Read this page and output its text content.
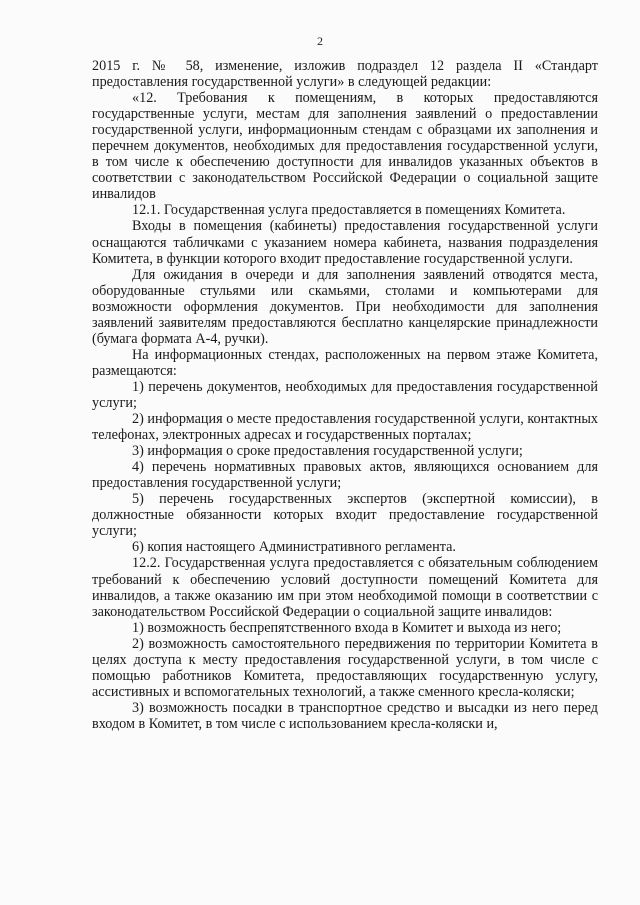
2

2015 г. № 58, изменение, изложив подраздел 12 раздела II «Стандарт предоставления государственной услуги» в следующей редакции:

«12. Требования к помещениям, в которых предоставляются государственные услуги, местам для заполнения заявлений о предоставлении государственной услуги, информационным стендам с образцами их заполнения и перечнем документов, необходимых для предоставления государственной услуги, в том числе к обеспечению доступности для инвалидов указанных объектов в соответствии с законодательством Российской Федерации о социальной защите инвалидов

12.1. Государственная услуга предоставляется в помещениях Комитета.

Входы в помещения (кабинеты) предоставления государственной услуги оснащаются табличками с указанием номера кабинета, названия подразделения Комитета, в функции которого входит предоставление государственной услуги.

Для ожидания в очереди и для заполнения заявлений отводятся места, оборудованные стульями или скамьями, столами и компьютерами для возможности оформления документов. При необходимости для заполнения заявлений заявителям предоставляются бесплатно канцелярские принадлежности (бумага формата А-4, ручки).

На информационных стендах, расположенных на первом этаже Комитета, размещаются:

1) перечень документов, необходимых для предоставления государственной услуги;

2) информация о месте предоставления государственной услуги, контактных телефонах, электронных адресах и государственных порталах;

3) информация о сроке предоставления государственной услуги;

4) перечень нормативных правовых актов, являющихся основанием для предоставления государственной услуги;

5) перечень государственных экспертов (экспертной комиссии), в должностные обязанности которых входит предоставление государственной услуги;

6) копия настоящего Административного регламента.

12.2. Государственная услуга предоставляется с обязательным соблюдением требований к обеспечению условий доступности помещений Комитета для инвалидов, а также оказанию им при этом необходимой помощи в соответствии с законодательством Российской Федерации о социальной защите инвалидов:

1) возможность беспрепятственного входа в Комитет и выхода из него;

2) возможность самостоятельного передвижения по территории Комитета в целях доступа к месту предоставления государственной услуги, в том числе с помощью работников Комитета, предоставляющих государственную услугу, ассистивных и вспомогательных технологий, а также сменного кресла-коляски;

3) возможность посадки в транспортное средство и высадки из него перед входом в Комитет, в том числе с использованием кресла-коляски и,
